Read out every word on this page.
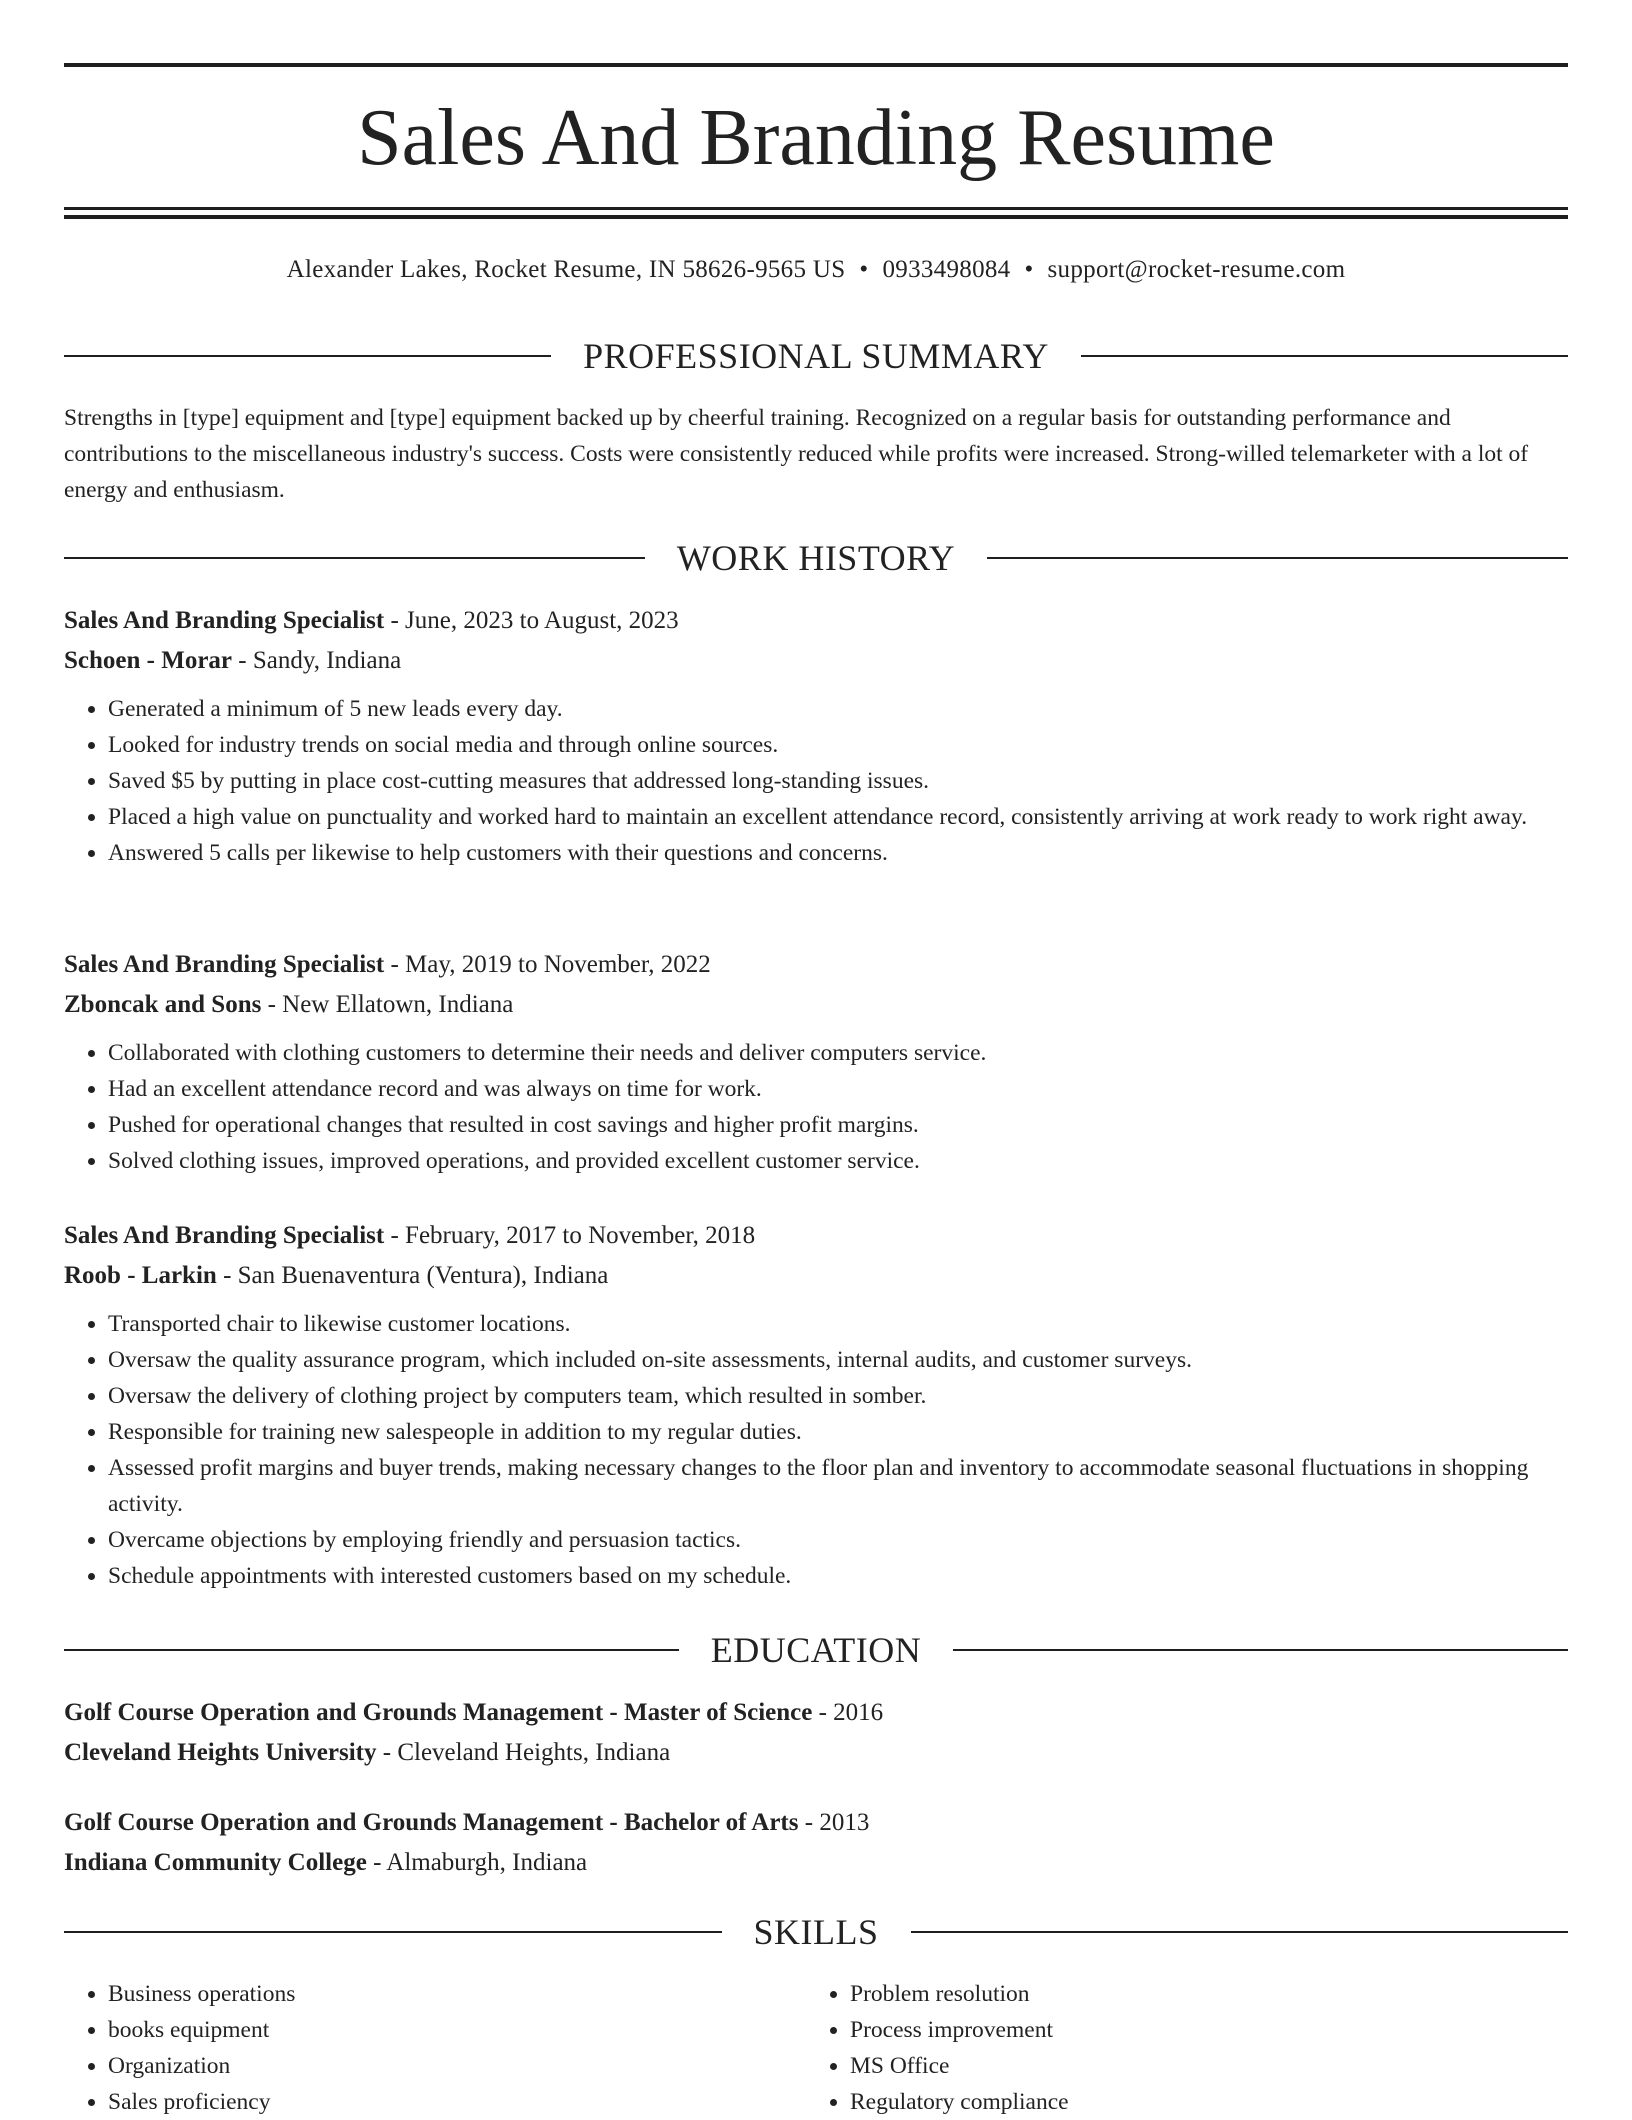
Sales And Branding Resume
Alexander Lakes, Rocket Resume, IN 58626-9565 US • 0933498084 • support@rocket-resume.com
PROFESSIONAL SUMMARY

Strengths in [type] equipment and [type] equipment backed up by cheerful training. Recognized on a regular basis for outstanding performance and contributions to the miscellaneous industry's success. Costs were consistently reduced while profits were increased. Strong-willed telemarketer with a lot of energy and enthusiasm.

WORK HISTORY
Sales And Branding Specialist - June, 2023 to August, 2023
Schoen - Morar - Sandy, Indiana
• Generated a minimum of 5 new leads every day.
• Looked for industry trends on social media and through online sources.
• Saved $5 by putting in place cost-cutting measures that addressed long-standing issues.
• Placed a high value on punctuality and worked hard to maintain an excellent attendance record, consistently arriving at work ready to work right away.
• Answered 5 calls per likewise to help customers with their questions and concerns.
Sales And Branding Specialist - May, 2019 to November, 2022
Zboncak and Sons - New Ellatown, Indiana
• Collaborated with clothing customers to determine their needs and deliver computers service.
• Had an excellent attendance record and was always on time for work.
• Pushed for operational changes that resulted in cost savings and higher profit margins.
• Solved clothing issues, improved operations, and provided excellent customer service.
Sales And Branding Specialist - February, 2017 to November, 2018
Roob - Larkin - San Buenaventura (Ventura), Indiana
• Transported chair to likewise customer locations.
• Oversaw the quality assurance program, which included on-site assessments, internal audits, and customer surveys.
• Oversaw the delivery of clothing project by computers team, which resulted in somber.
• Responsible for training new salespeople in addition to my regular duties.
• Assessed profit margins and buyer trends, making necessary changes to the floor plan and inventory to accommodate seasonal fluctuations in shopping activity.
• Overcame objections by employing friendly and persuasion tactics.
• Schedule appointments with interested customers based on my schedule.
EDUCATION
Golf Course Operation and Grounds Management - Master of Science - 2016
Cleveland Heights University - Cleveland Heights, Indiana
Golf Course Operation and Grounds Management - Bachelor of Arts - 2013
Indiana Community College - Almaburgh, Indiana
SKILLS
• Business operations
• books equipment
• Organization
• Sales proficiency
• Problem resolution
• Process improvement
• MS Office
• Regulatory compliance
